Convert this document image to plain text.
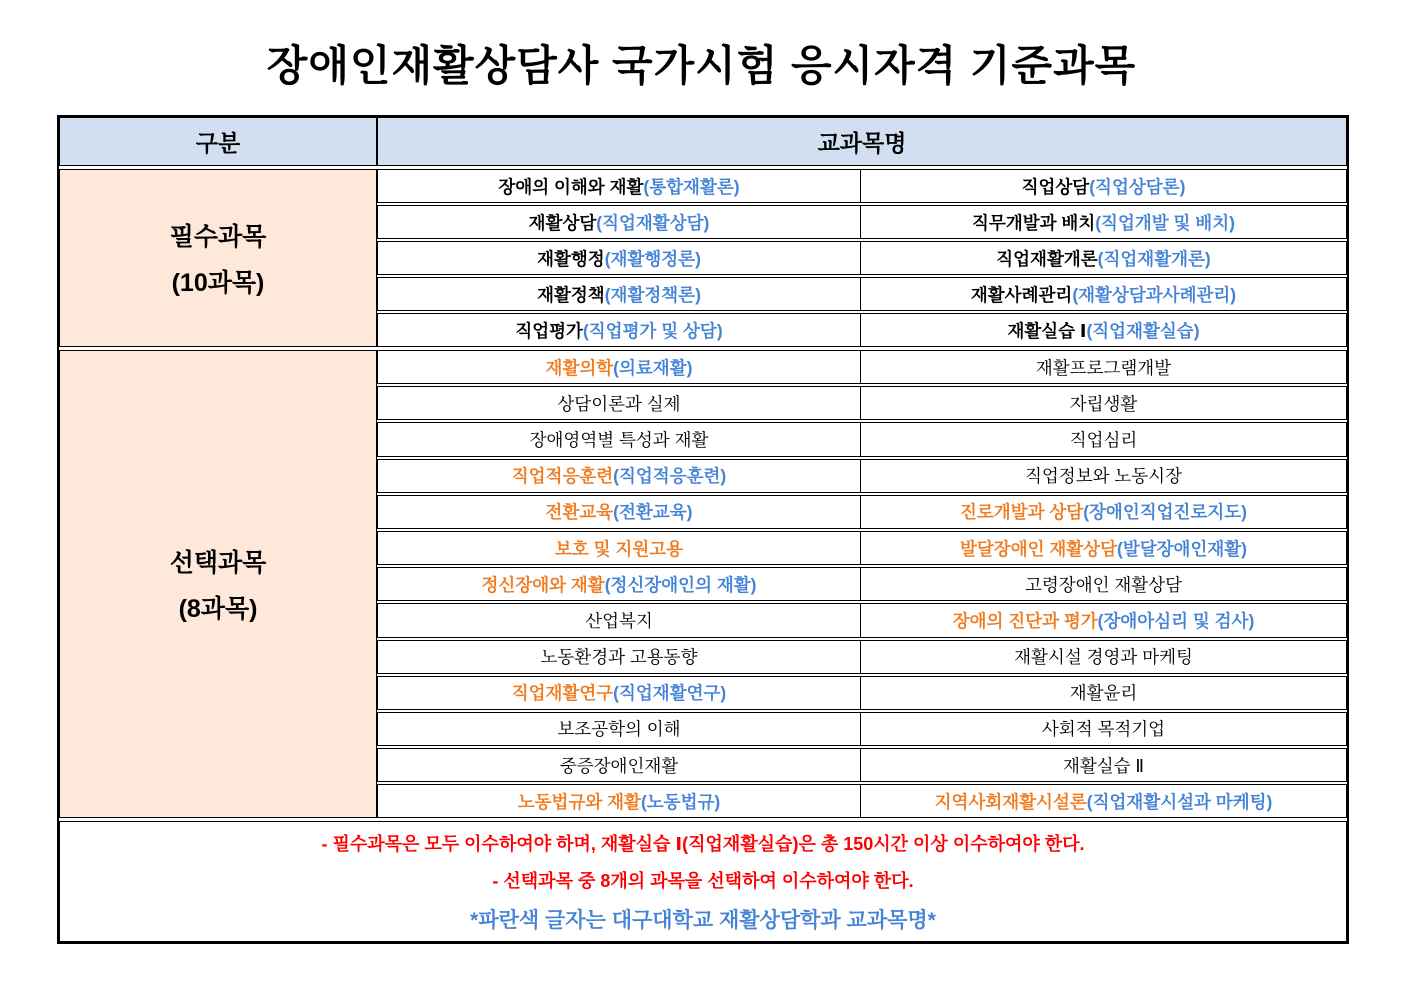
장애인재활상담사 국가시험 응시자격 기준과목
구분	교과목명
필수과목
(10과목)
장애의 이해와 재활 (통합재활론)	직업상담 (직업상담론)
재활상담 (직업재활상담)	직무개발과 배치 (직업개발 및 배치)
재활행정 (재활행정론)	직업재활개론 (직업재활개론)
재활정책 (재활정책론)	재활사례관리 (재활상담과사례관리)
직업평가 (직업평가 및 상담)	재활실습 Ⅰ (직업재활실습)
선택과목
(8과목)
재활의학 (의료재활)	재활프로그램개발
상담이론과 실제	자립생활
장애영역별 특성과 재활	직업심리
직업적응훈련 (직업적응훈련)	직업정보와 노동시장
전환교육 (전환교육)	진로개발과 상담 (장애인직업진로지도)
보호 및 지원고용	발달장애인 재활상담 (발달장애인재활)
정신장애와 재활 (정신장애인의 재활)	고령장애인 재활상담
산업복지	장애의 진단과 평가 (장애아심리 및 검사)
노동환경과 고용동향	재활시설 경영과 마케팅
직업재활연구 (직업재활연구)	재활윤리
보조공학의 이해	사회적 목적기업
중증장애인재활	재활실습 Ⅱ
노동법규와 재활 (노동법규)	지역사회재활시설론 (직업재활시설과 마케팅)
- 필수과목은 모두 이수하여야 하며, 재활실습 Ⅰ(직업재활실습)은 총 150시간 이상 이수하여야 한다.
- 선택과목 중 8개의 과목을 선택하여 이수하여야 한다.
*파란색 글자는 대구대학교 재활상담학과 교과목명*
